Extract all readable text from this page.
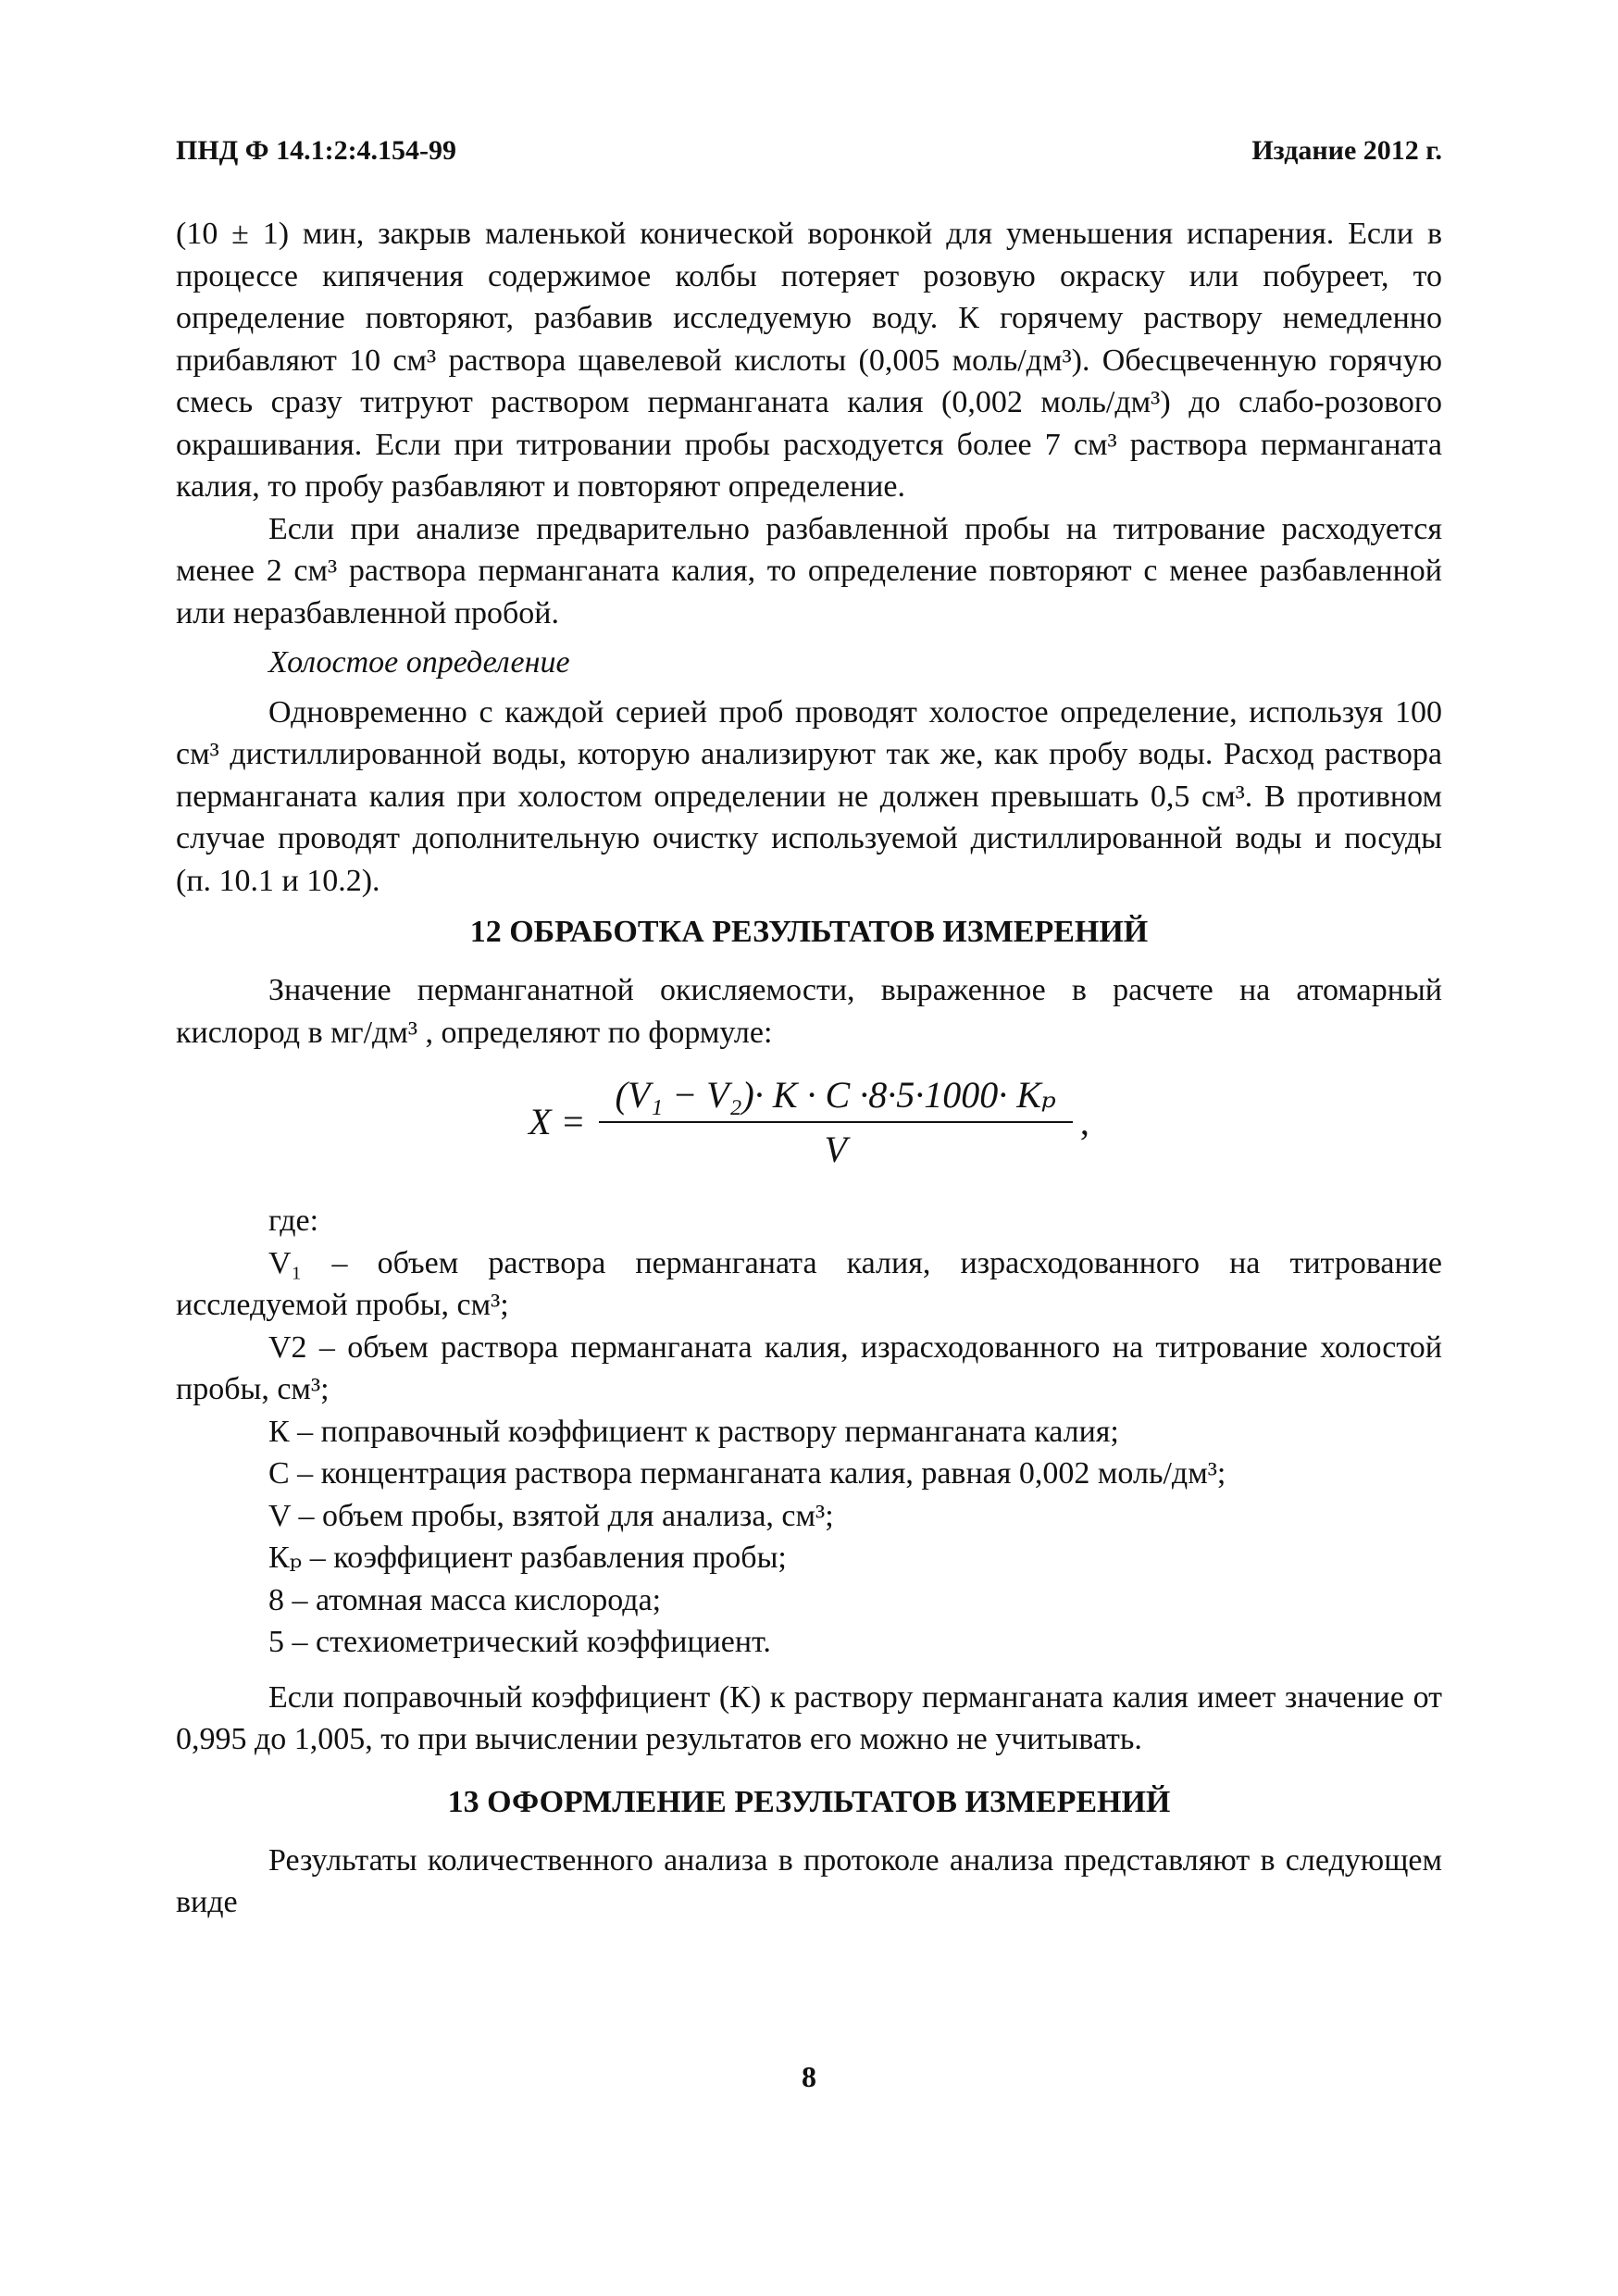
ПНД Ф 14.1:2:4.154-99	Издание 2012 г.

(10 ± 1) мин, закрыв маленькой конической воронкой для уменьшения испарения. Если в процессе кипячения содержимое колбы потеряет розовую окраску или побуреет, то определение повторяют, разбавив исследуемую воду. К горячему раствору немедленно прибавляют 10 см³ раствора щавелевой кислоты (0,005 моль/дм³). Обесцвеченную горячую смесь сразу титруют раствором перманганата калия (0,002 моль/дм³) до слабо-розового окрашивания. Если при титровании пробы расходуется более 7 см³ раствора перманганата калия, то пробу разбавляют и повторяют определение.

Если при анализе предварительно разбавленной пробы на титрование расходуется менее 2 см³ раствора перманганата калия, то определение повторяют с менее разбавленной или неразбавленной пробой.

Холостое определение

Одновременно с каждой серией проб проводят холостое определение, используя 100 см³ дистиллированной воды, которую анализируют так же, как пробу воды. Расход раствора перманганата калия при холостом определении не должен превышать 0,5 см³. В противном случае проводят дополнительную очистку используемой дистиллированной воды и посуды (п. 10.1 и 10.2).

12 ОБРАБОТКА РЕЗУЛЬТАТОВ ИЗМЕРЕНИЙ

Значение перманганатной окисляемости, выраженное в расчете на атомарный кислород в мг/дм³ , определяют по формуле:

$X = \frac{\text{(V₁ − V₂)· K · C ·8·5·1000· Kₚ}}{V}$ ,

где:

V₁ – объем раствора перманганата калия, израсходованного на титрование исследуемой пробы, см³;

V2 – объем раствора перманганата калия, израсходованного на титрование холостой пробы, см³;

К – поправочный коэффициент к раствору перманганата калия;

С – концентрация раствора перманганата калия, равная 0,002 моль/дм³;

V – объем пробы, взятой для анализа, см³;

Кₚ – коэффициент разбавления пробы;

8 – атомная масса кислорода;

5 – стехиометрический коэффициент.

Если поправочный коэффициент (К) к раствору перманганата калия имеет значение от 0,995 до 1,005, то при вычислении результатов его можно не учитывать.

13 ОФОРМЛЕНИЕ РЕЗУЛЬТАТОВ ИЗМЕРЕНИЙ

Результаты количественного анализа в протоколе анализа представляют в следующем виде

8
